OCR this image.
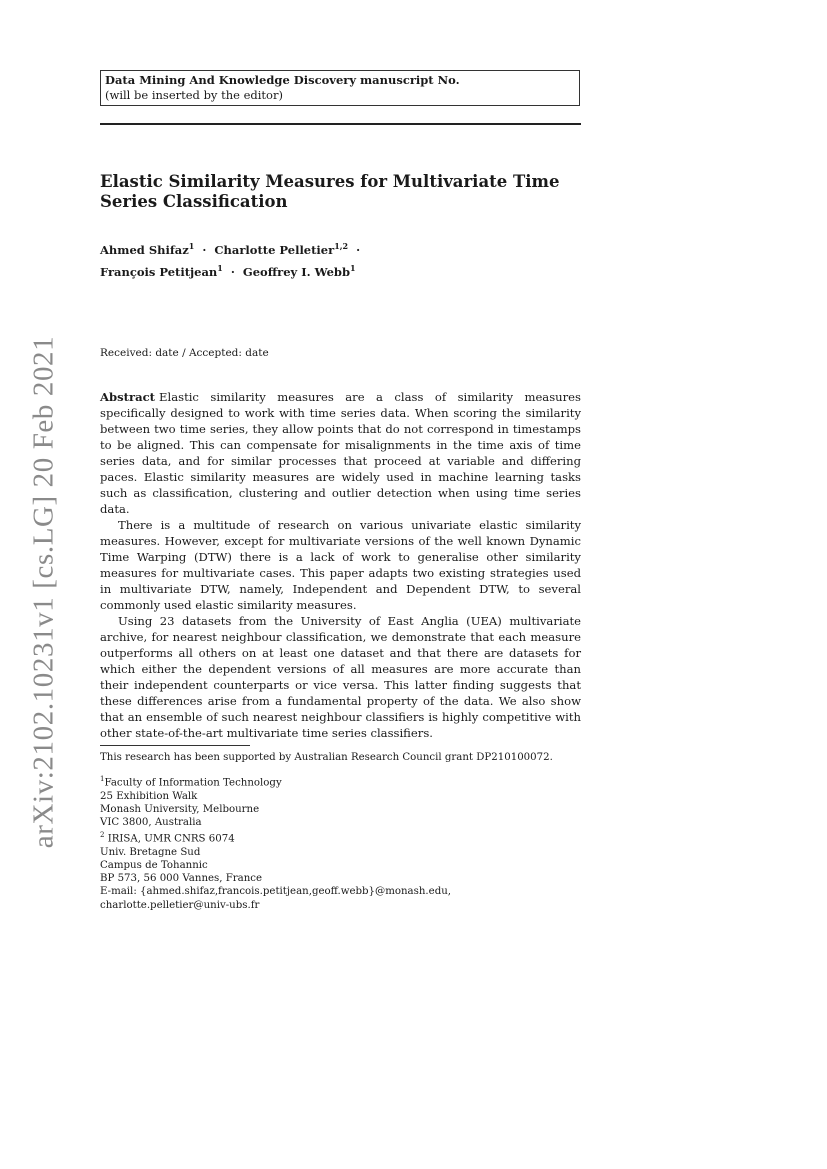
arXiv:2102.10231v1 [cs.LG] 20 Feb 2021
Data Mining And Knowledge Discovery manuscript No.
(will be inserted by the editor)
Elastic Similarity Measures for Multivariate Time Series Classification
Ahmed Shifaz$^1$ · Charlotte Pelletier$^{1,2}$ ·
François Petitjean$^1$ · Geoffrey I. Webb$^1$
Received: date / Accepted: date

Abstract Elastic similarity measures are a class of similarity measures specifically designed to work with time series data. When scoring the similarity between two time series, they allow points that do not correspond in timestamps to be aligned. This can compensate for misalignments in the time axis of time series data, and for similar processes that proceed at variable and differing paces. Elastic similarity measures are widely used in machine learning tasks such as classification, clustering and outlier detection when using time series data.

There is a multitude of research on various univariate elastic similarity measures. However, except for multivariate versions of the well known Dynamic Time Warping (DTW) there is a lack of work to generalise other similarity measures for multivariate cases. This paper adapts two existing strategies used in multivariate DTW, namely, Independent and Dependent DTW, to several commonly used elastic similarity measures.

Using 23 datasets from the University of East Anglia (UEA) multivariate archive, for nearest neighbour classification, we demonstrate that each measure outperforms all others on at least one dataset and that there are datasets for which either the dependent versions of all measures are more accurate than their independent counterparts or vice versa. This latter finding suggests that these differences arise from a fundamental property of the data. We also show that an ensemble of such nearest neighbour classifiers is highly competitive with other state-of-the-art multivariate time series classifiers.

This research has been supported by Australian Research Council grant DP210100072.
$^1$Faculty of Information Technology
25 Exhibition Walk
Monash University, Melbourne
VIC 3800, Australia
$^2$ IRISA, UMR CNRS 6074
Univ. Bretagne Sud
Campus de Tohannic
BP 573, 56 000 Vannes, France
E-mail: {ahmed.shifaz,francois.petitjean,geoff.webb}@monash.edu,
charlotte.pelletier@univ-ubs.fr
